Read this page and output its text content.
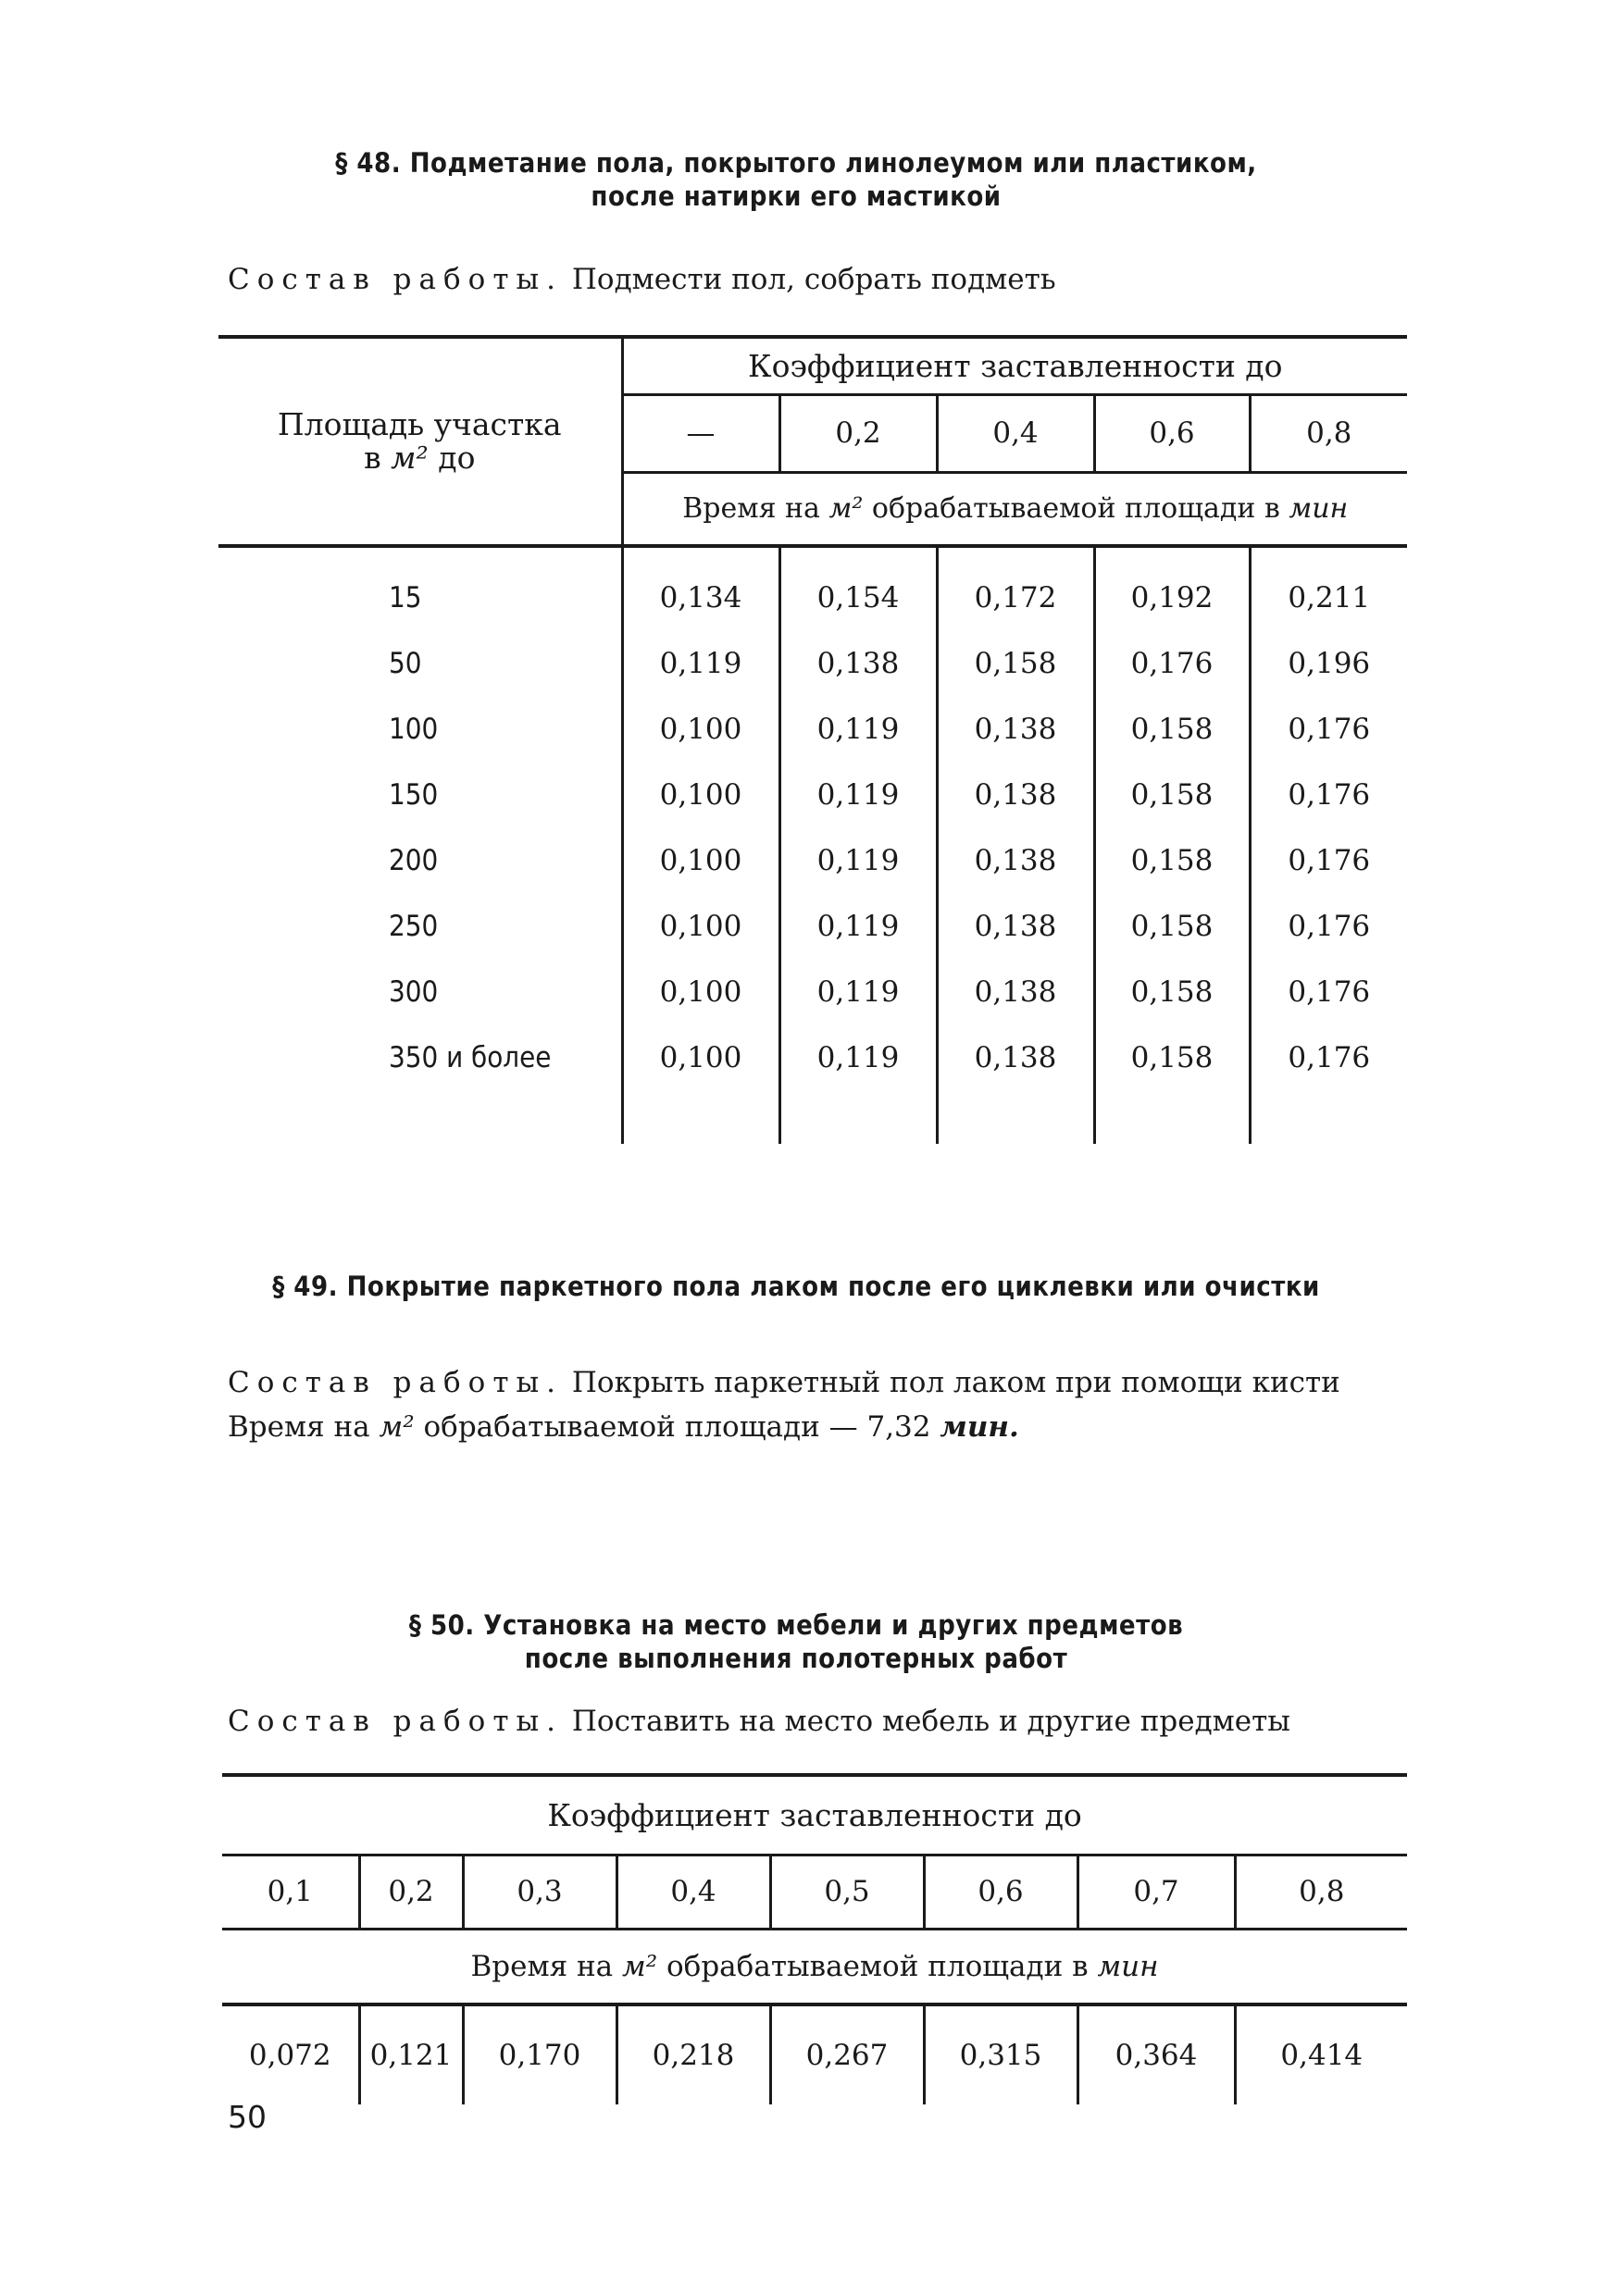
§ 48. Подметание пола, покрытого линолеумом или пластиком,
после натирки его мастикой
Состав работы. Подмести пол, собрать подметь
Площадь участка
в м² до	Коэффициент заставленности до				
	—	0,2	0,4	0,6	0,8
	Время на м² обрабатываемой площади в мин				

15	0,134	0,154	0,172	0,192	0,211
50	0,119	0,138	0,158	0,176	0,196
100	0,100	0,119	0,138	0,158	0,176
150	0,100	0,119	0,138	0,158	0,176
200	0,100	0,119	0,138	0,158	0,176
250	0,100	0,119	0,138	0,158	0,176
300	0,100	0,119	0,138	0,158	0,176
350 и более	0,100	0,119	0,138	0,158	0,176

§ 49. Покрытие паркетного пола лаком после его циклевки или очистки
Состав работы. Покрыть паркетный пол лаком при помощи кисти
Время на м² обрабатываемой площади — 7,32 мин.
§ 50. Установка на место мебели и других предметов
после выполнения полотерных работ
Состав работы. Поставить на место мебель и другие предметы
Коэффициент заставленности до							
0,1	0,2	0,3	0,4	0,5	0,6	0,7	0,8
Время на м² обрабатываемой площади в мин							
0,072	0,121	0,170	0,218	0,267	0,315	0,364	0,414
50
